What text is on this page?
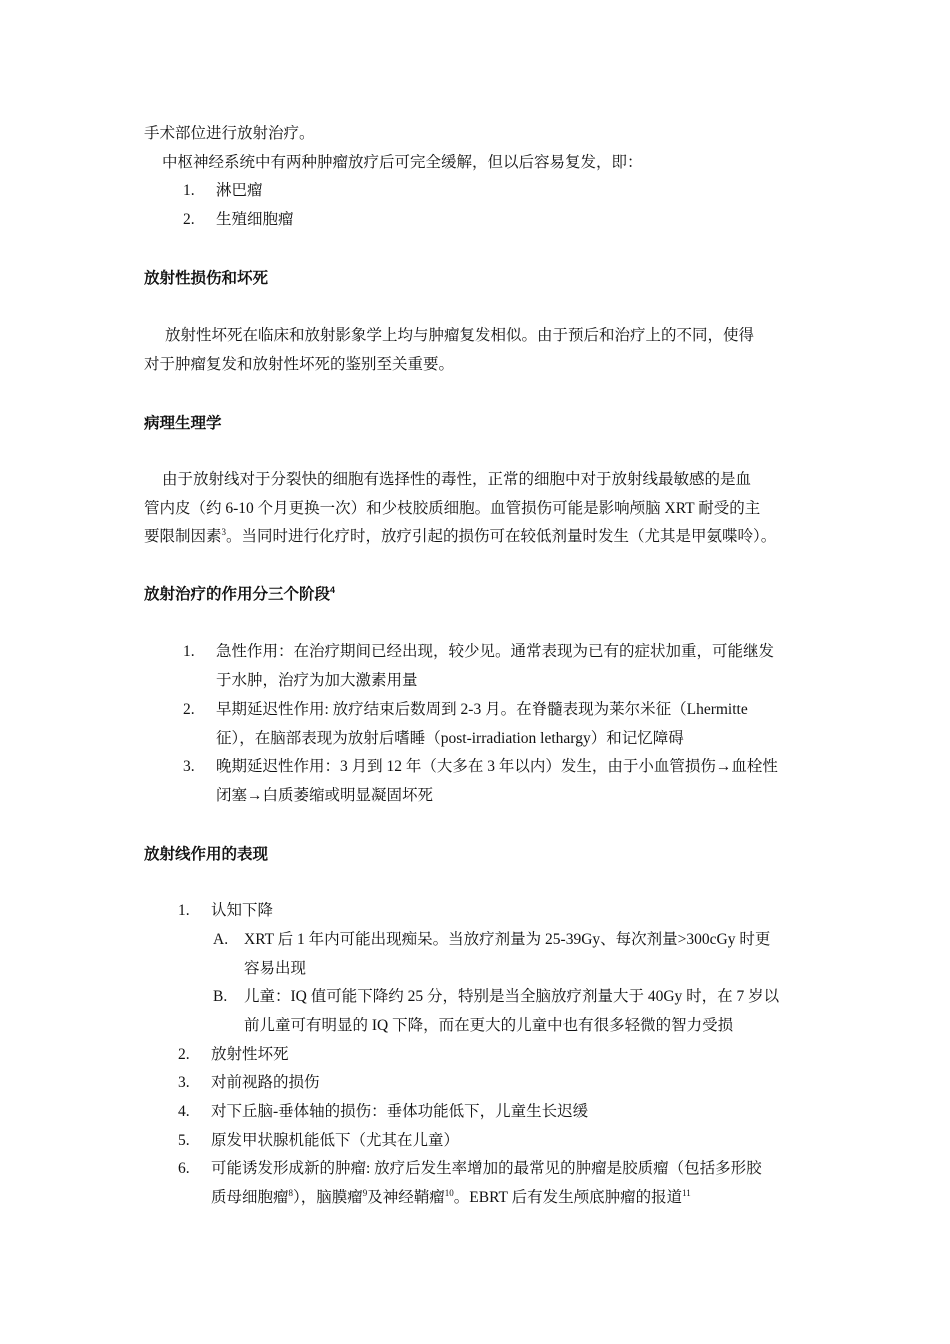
手术部位进行放射治疗。
中枢神经系统中有两种肿瘤放疗后可完全缓解，但以后容易复发，即：
1. 淋巴瘤
2. 生殖细胞瘤
放射性损伤和坏死
放射性坏死在临床和放射影象学上均与肿瘤复发相似。由于预后和治疗上的不同，使得
对于肿瘤复发和放射性坏死的鉴别至关重要。
病理生理学
由于放射线对于分裂快的细胞有选择性的毒性，正常的细胞中对于放射线最敏感的是血
管内皮（约 6-10 个月更换一次）和少枝胶质细胞。血管损伤可能是影响颅脑 XRT 耐受的主
要限制因素$^3$。当同时进行化疗时，放疗引起的损伤可在较低剂量时发生（尤其是甲氨喋呤）。
放射治疗的作用分三个阶段$^4$
1. 急性作用：在治疗期间已经出现，较少见。通常表现为已有的症状加重，可能继发
于水肿，治疗为加大激素用量
2. 早期延迟性作用: 放疗结束后数周到 2-3 月。在脊髓表现为莱尔米征（Lhermitte
征），在脑部表现为放射后嗜睡（post-irradiation lethargy）和记忆障碍
3. 晚期延迟性作用：3 月到 12 年（大多在 3 年以内）发生，由于小血管损伤→血栓性
闭塞→白质萎缩或明显凝固坏死
放射线作用的表现
1. 认知下降
A. XRT 后 1 年内可能出现痴呆。当放疗剂量为 25-39Gy、每次剂量>300cGy 时更
容易出现
B. 儿童：IQ 值可能下降约 25 分，特别是当全脑放疗剂量大于 40Gy 时，在 7 岁以
前儿童可有明显的 IQ 下降，而在更大的儿童中也有很多轻微的智力受损
2. 放射性坏死
3. 对前视路的损伤
4. 对下丘脑-垂体轴的损伤：垂体功能低下，儿童生长迟缓
5. 原发甲状腺机能低下（尤其在儿童）
6. 可能诱发形成新的肿瘤: 放疗后发生率增加的最常见的肿瘤是胶质瘤（包括多形胶
质母细胞瘤$^8$），脑膜瘤$^9$及神经鞘瘤$^{10}$。EBRT 后有发生颅底肿瘤的报道$^{11}$
